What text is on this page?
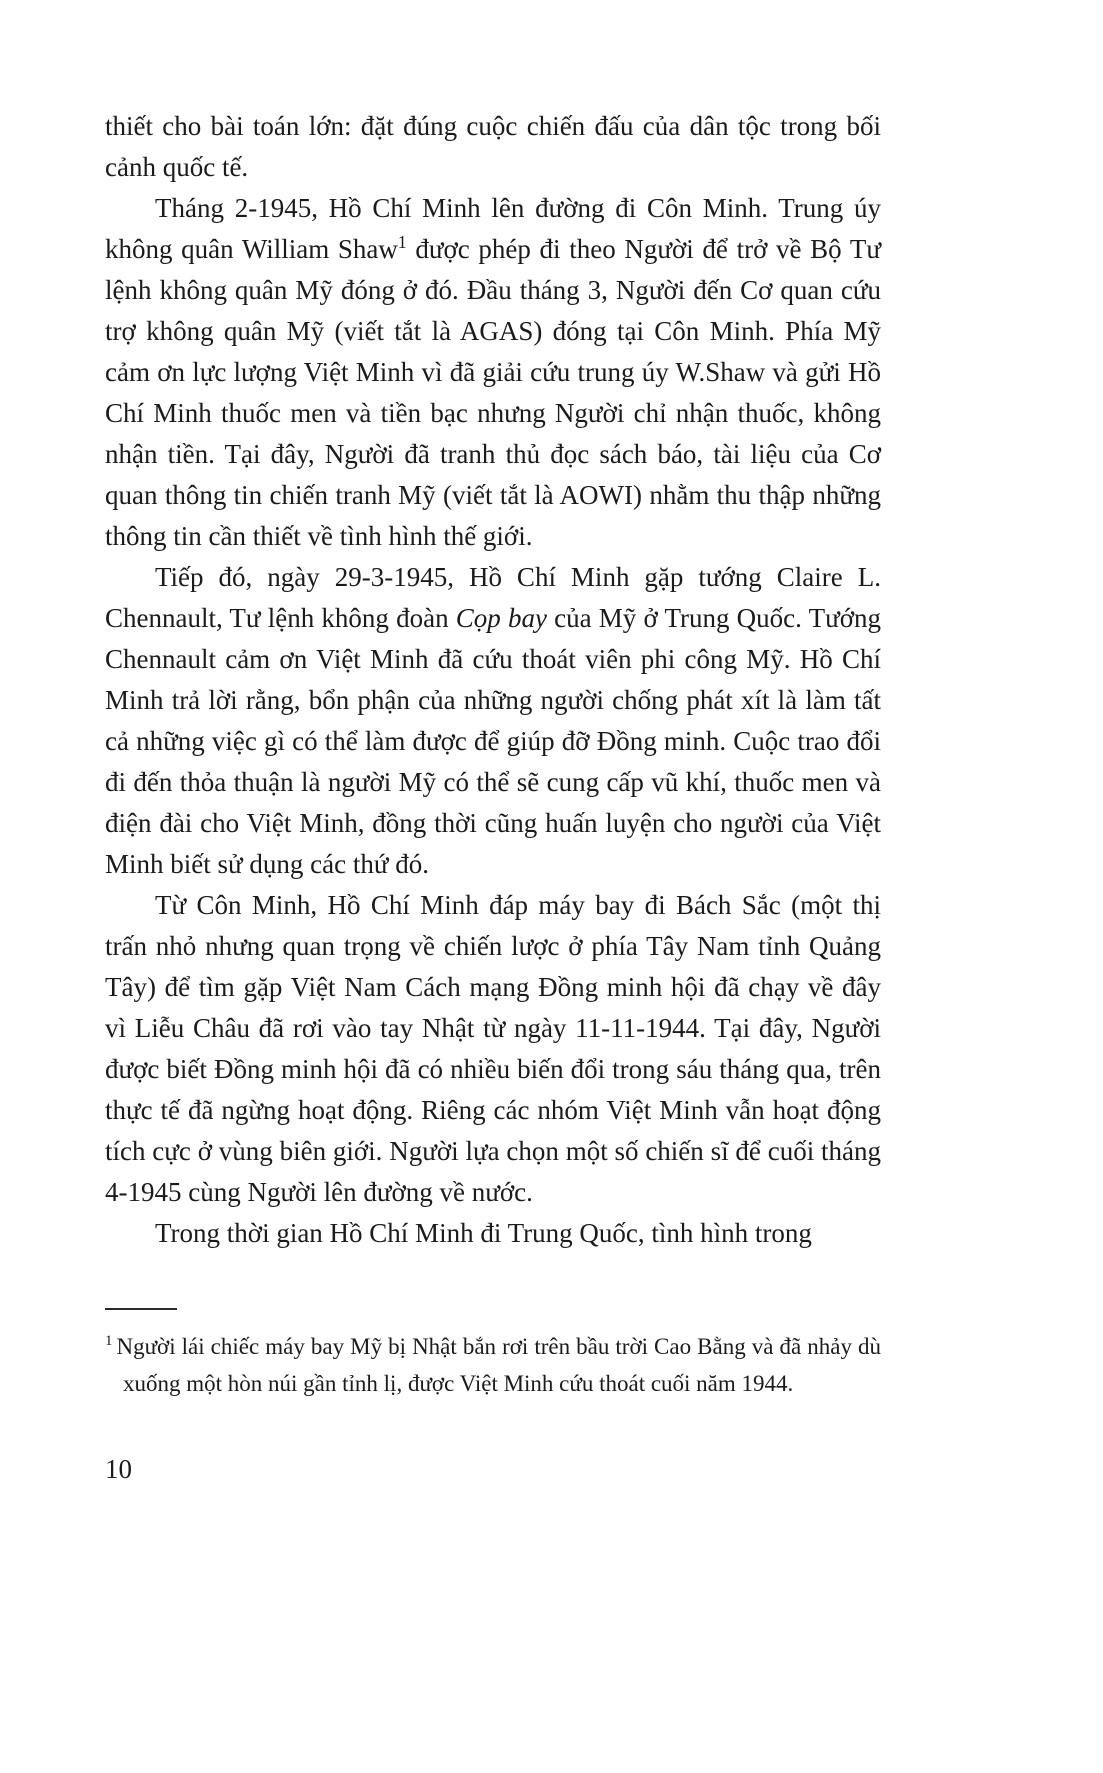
thiết cho bài toán lớn: đặt đúng cuộc chiến đấu của dân tộc trong bối cảnh quốc tế.

Tháng 2-1945, Hồ Chí Minh lên đường đi Côn Minh. Trung úy không quân William Shaw$^1$ được phép đi theo Người để trở về Bộ Tư lệnh không quân Mỹ đóng ở đó. Đầu tháng 3, Người đến Cơ quan cứu trợ không quân Mỹ (viết tắt là AGAS) đóng tại Côn Minh. Phía Mỹ cảm ơn lực lượng Việt Minh vì đã giải cứu trung úy W.Shaw và gửi Hồ Chí Minh thuốc men và tiền bạc nhưng Người chỉ nhận thuốc, không nhận tiền. Tại đây, Người đã tranh thủ đọc sách báo, tài liệu của Cơ quan thông tin chiến tranh Mỹ (viết tắt là AOWI) nhằm thu thập những thông tin cần thiết về tình hình thế giới.

Tiếp đó, ngày 29-3-1945, Hồ Chí Minh gặp tướng Claire L. Chennault, Tư lệnh không đoàn Cọp bay của Mỹ ở Trung Quốc. Tướng Chennault cảm ơn Việt Minh đã cứu thoát viên phi công Mỹ. Hồ Chí Minh trả lời rằng, bổn phận của những người chống phát xít là làm tất cả những việc gì có thể làm được để giúp đỡ Đồng minh. Cuộc trao đổi đi đến thỏa thuận là người Mỹ có thể sẽ cung cấp vũ khí, thuốc men và điện đài cho Việt Minh, đồng thời cũng huấn luyện cho người của Việt Minh biết sử dụng các thứ đó.

Từ Côn Minh, Hồ Chí Minh đáp máy bay đi Bách Sắc (một thị trấn nhỏ nhưng quan trọng về chiến lược ở phía Tây Nam tỉnh Quảng Tây) để tìm gặp Việt Nam Cách mạng Đồng minh hội đã chạy về đây vì Liễu Châu đã rơi vào tay Nhật từ ngày 11-11-1944. Tại đây, Người được biết Đồng minh hội đã có nhiều biến đổi trong sáu tháng qua, trên thực tế đã ngừng hoạt động. Riêng các nhóm Việt Minh vẫn hoạt động tích cực ở vùng biên giới. Người lựa chọn một số chiến sĩ để cuối tháng 4-1945 cùng Người lên đường về nước.

Trong thời gian Hồ Chí Minh đi Trung Quốc, tình hình trong

$^1$ Người lái chiếc máy bay Mỹ bị Nhật bắn rơi trên bầu trời Cao Bằng và đã nhảy dù xuống một hòn núi gần tỉnh lị, được Việt Minh cứu thoát cuối năm 1944.
10
